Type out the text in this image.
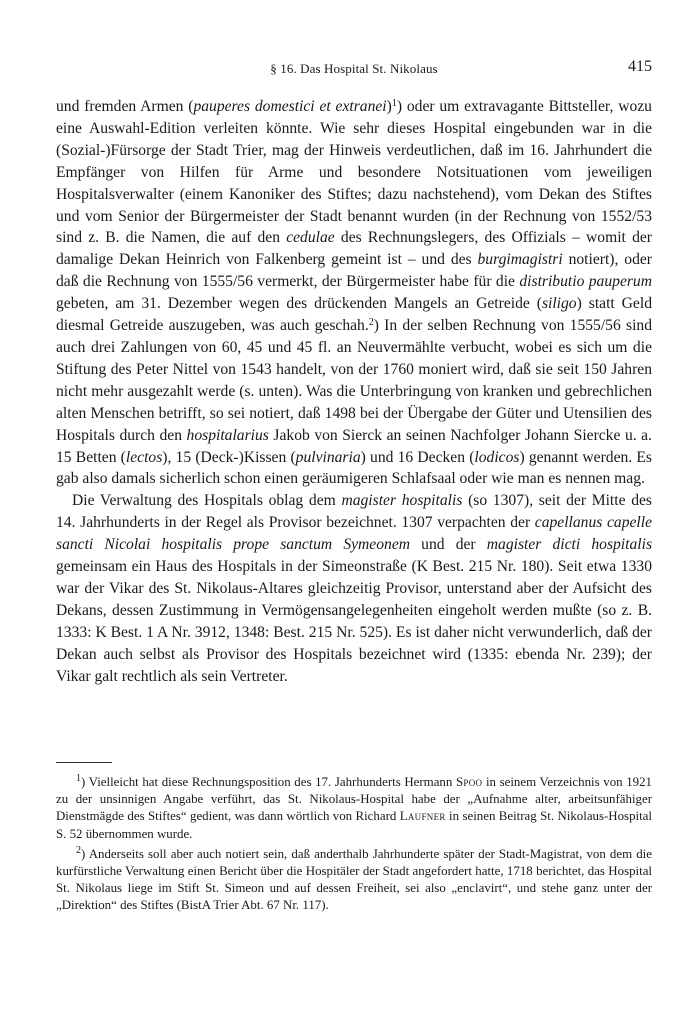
§ 16. Das Hospital St. Nikolaus	415

und fremden Armen (pauperes domestici et extranei)$^1$) oder um extravagante Bittsteller, wozu eine Auswahl-Edition verleiten könnte. Wie sehr dieses Hospital eingebunden war in die (Sozial-)Fürsorge der Stadt Trier, mag der Hinweis verdeutlichen, daß im 16. Jahrhundert die Empfänger von Hilfen für Arme und besondere Notsituationen vom jeweiligen Hospitalsverwalter (einem Kanoniker des Stiftes; dazu nachstehend), vom Dekan des Stiftes und vom Senior der Bürgermeister der Stadt benannt wurden (in der Rechnung von 1552/53 sind z. B. die Namen, die auf den cedulae des Rechnungslegers, des Offizials – womit der damalige Dekan Heinrich von Falkenberg gemeint ist – und des burgimagistri notiert), oder daß die Rechnung von 1555/56 vermerkt, der Bürgermeister habe für die distributio pauperum gebeten, am 31. Dezember wegen des drückenden Mangels an Getreide (siligo) statt Geld diesmal Getreide auszugeben, was auch geschah.$^2$) In der selben Rechnung von 1555/56 sind auch drei Zahlungen von 60, 45 und 45 fl. an Neuvermählte verbucht, wobei es sich um die Stiftung des Peter Nittel von 1543 handelt, von der 1760 moniert wird, daß sie seit 150 Jahren nicht mehr ausgezahlt werde (s. unten). Was die Unterbringung von kranken und gebrechlichen alten Menschen betrifft, so sei notiert, daß 1498 bei der Übergabe der Güter und Utensilien des Hospitals durch den hospitalarius Jakob von Sierck an seinen Nachfolger Johann Siercke u. a. 15 Betten (lectos), 15 (Deck-)Kissen (pulvinaria) und 16 Decken (lodicos) genannt werden. Es gab also damals sicherlich schon einen geräumigeren Schlafsaal oder wie man es nennen mag.

Die Verwaltung des Hospitals oblag dem magister hospitalis (so 1307), seit der Mitte des 14. Jahrhunderts in der Regel als Provisor bezeichnet. 1307 verpachten der capellanus capelle sancti Nicolai hospitalis prope sanctum Symeonem und der magister dicti hospitalis gemeinsam ein Haus des Hospitals in der Simeonstraße (K Best. 215 Nr. 180). Seit etwa 1330 war der Vikar des St. Nikolaus-Altares gleichzeitig Provisor, unterstand aber der Aufsicht des Dekans, dessen Zustimmung in Vermögensangelegenheiten eingeholt werden mußte (so z. B. 1333: K Best. 1 A Nr. 3912, 1348: Best. 215 Nr. 525). Es ist daher nicht verwunderlich, daß der Dekan auch selbst als Provisor des Hospitals bezeichnet wird (1335: ebenda Nr. 239); der Vikar galt rechtlich als sein Vertreter.

$^1$) Vielleicht hat diese Rechnungsposition des 17. Jahrhunderts Hermann Spoo in seinem Verzeichnis von 1921 zu der unsinnigen Angabe verführt, das St. Nikolaus-Hospital habe der „Aufnahme alter, arbeitsunfähiger Dienstmägde des Stiftes“ gedient, was dann wörtlich von Richard Laufner in seinen Beitrag St. Nikolaus-Hospital S. 52 übernommen wurde.

$^2$) Anderseits soll aber auch notiert sein, daß anderthalb Jahrhunderte später der Stadt-Magistrat, von dem die kurfürstliche Verwaltung einen Bericht über die Hospitäler der Stadt angefordert hatte, 1718 berichtet, das Hospital St. Nikolaus liege im Stift St. Simeon und auf dessen Freiheit, sei also „enclavirt“, und stehe ganz unter der „Direktion“ des Stiftes (BistA Trier Abt. 67 Nr. 117).
